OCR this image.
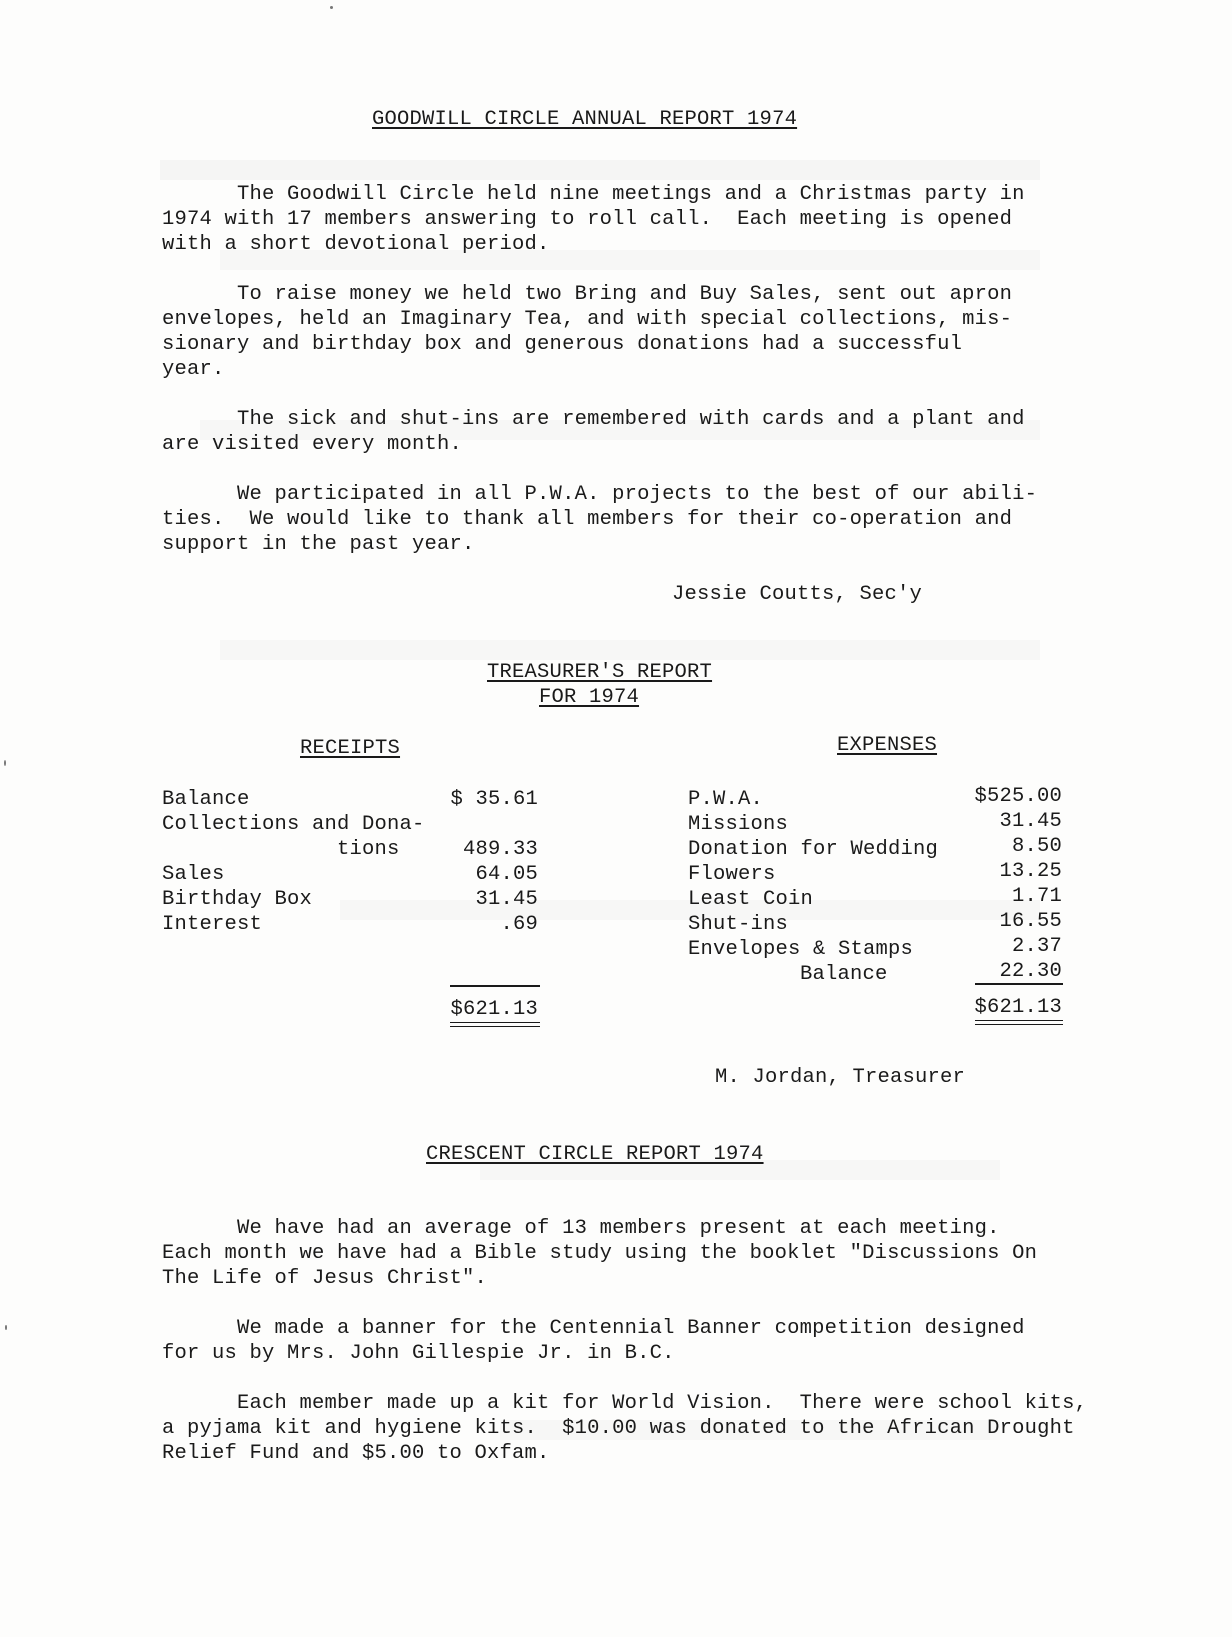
GOODWILL CIRCLE ANNUAL REPORT 1974
The Goodwill Circle held nine meetings and a Christmas party in
1974 with 17 members answering to roll call.  Each meeting is opened
with a short devotional period.
To raise money we held two Bring and Buy Sales, sent out apron
envelopes, held an Imaginary Tea, and with special collections, mis-
sionary and birthday box and generous donations had a successful
year.
The sick and shut-ins are remembered with cards and a plant and
are visited every month.
We participated in all P.W.A. projects to the best of our abili-
ties.  We would like to thank all members for their co-operation and
support in the past year.
Jessie Coutts, Sec'y
TREASURER'S REPORT
FOR 1974
RECEIPTS	EXPENSES
Balance	$ 35.61
Collections and Dona-
tions	489.33
Sales	64.05
Birthday Box	31.45
Interest	.69
$621.13
P.W.A.	$525.00
Missions	31.45
Donation for Wedding	8.50
Flowers	13.25
Least Coin	1.71
Shut-ins	16.55
Envelopes & Stamps	2.37
Balance	22.30
$621.13
M. Jordan, Treasurer
CRESCENT CIRCLE REPORT 1974
We have had an average of 13 members present at each meeting.
Each month we have had a Bible study using the booklet "Discussions On
The Life of Jesus Christ".
We made a banner for the Centennial Banner competition designed
for us by Mrs. John Gillespie Jr. in B.C.
Each member made up a kit for World Vision.  There were school kits,
a pyjama kit and hygiene kits.  $10.00 was donated to the African Drought
Relief Fund and $5.00 to Oxfam.
